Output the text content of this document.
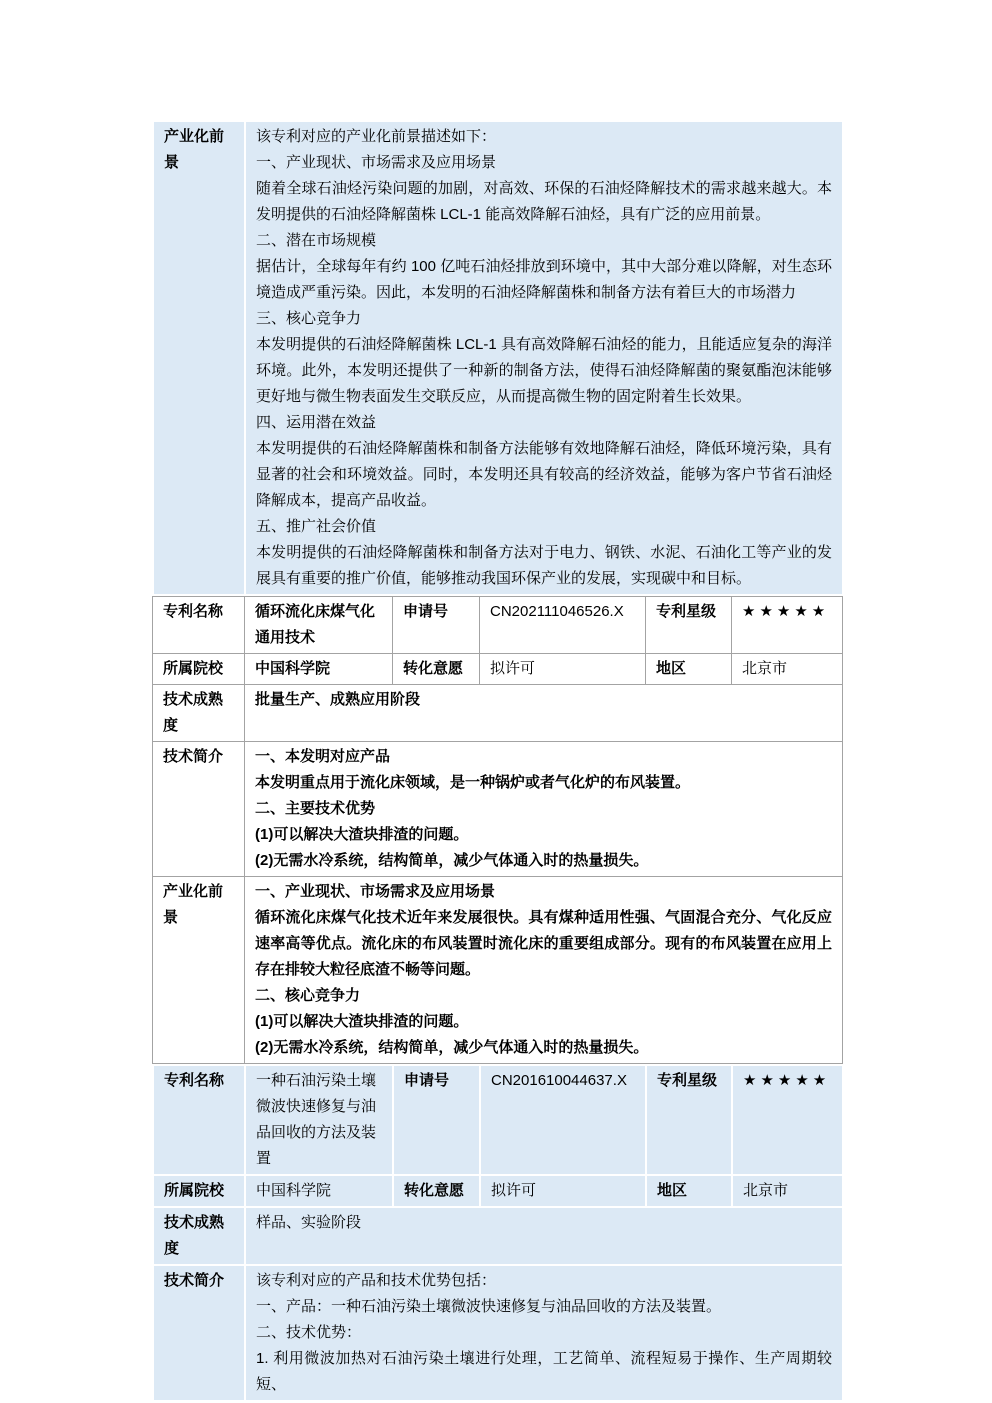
产业化前景	

该专利对应的产业化前景描述如下：

一、产业现状、市场需求及应用场景

随着全球石油烃污染问题的加剧，对高效、环保的石油烃降解技术的需求越来越大。本发明提供的石油烃降解菌株 LCL-1 能高效降解石油烃，具有广泛的应用前景。

二、潜在市场规模

据估计，全球每年有约 100 亿吨石油烃排放到环境中，其中大部分难以降解，对生态环境造成严重污染。因此，本发明的石油烃降解菌株和制备方法有着巨大的市场潜力

三、核心竞争力

本发明提供的石油烃降解菌株 LCL-1 具有高效降解石油烃的能力，且能适应复杂的海洋环境。此外，本发明还提供了一种新的制备方法，使得石油烃降解菌的聚氨酯泡沫能够更好地与微生物表面发生交联反应，从而提高微生物的固定附着生长效果。

四、运用潜在效益

本发明提供的石油烃降解菌株和制备方法能够有效地降解石油烃，降低环境污染，具有显著的社会和环境效益。同时，本发明还具有较高的经济效益，能够为客户节省石油烃降解成本，提高产品收益。

五、推广社会价值

本发明提供的石油烃降解菌株和制备方法对于电力、钢铁、水泥、石油化工等产业的发展具有重要的推广价值，能够推动我国环保产业的发展，实现碳中和目标。

专利名称	循环流化床煤气化通用技术	申请号	CN202111046526.X	专利星级	★★★★★
所属院校	中国科学院	转化意愿	拟许可	地区	北京市
技术成熟度	批量生产、成熟应用阶段				
技术简介	一、本发明对应产品

本发明重点用于流化床领域，是一种锅炉或者气化炉的布风装置。

二、主要技术优势

(1)可以解决大渣块排渣的问题。

(2)无需水冷系统，结构简单，减少气体通入时的热量损失。				

产业化前景	一、产业现状、市场需求及应用场景

循环流化床煤气化技术近年来发展很快。具有煤种适用性强、气固混合充分、气化反应速率高等优点。流化床的布风装置时流化床的重要组成部分。现有的布风装置在应用上存在排较大粒径底渣不畅等问题。

二、核心竞争力

(1)可以解决大渣块排渣的问题。

(2)无需水冷系统，结构简单，减少气体通入时的热量损失。				

专利名称	一种石油污染土壤微波快速修复与油品回收的方法及装置	申请号	CN201610044637.X	专利星级	★★★★★
所属院校	中国科学院	转化意愿	拟许可	地区	北京市
技术成熟度	样品、实验阶段				
技术简介	该专利对应的产品和技术优势包括：

一、产品：一种石油污染土壤微波快速修复与油品回收的方法及装置。

二、技术优势：

1. 利用微波加热对石油污染土壤进行处理，工艺简单、流程短易于操作、生产周期较短、				
